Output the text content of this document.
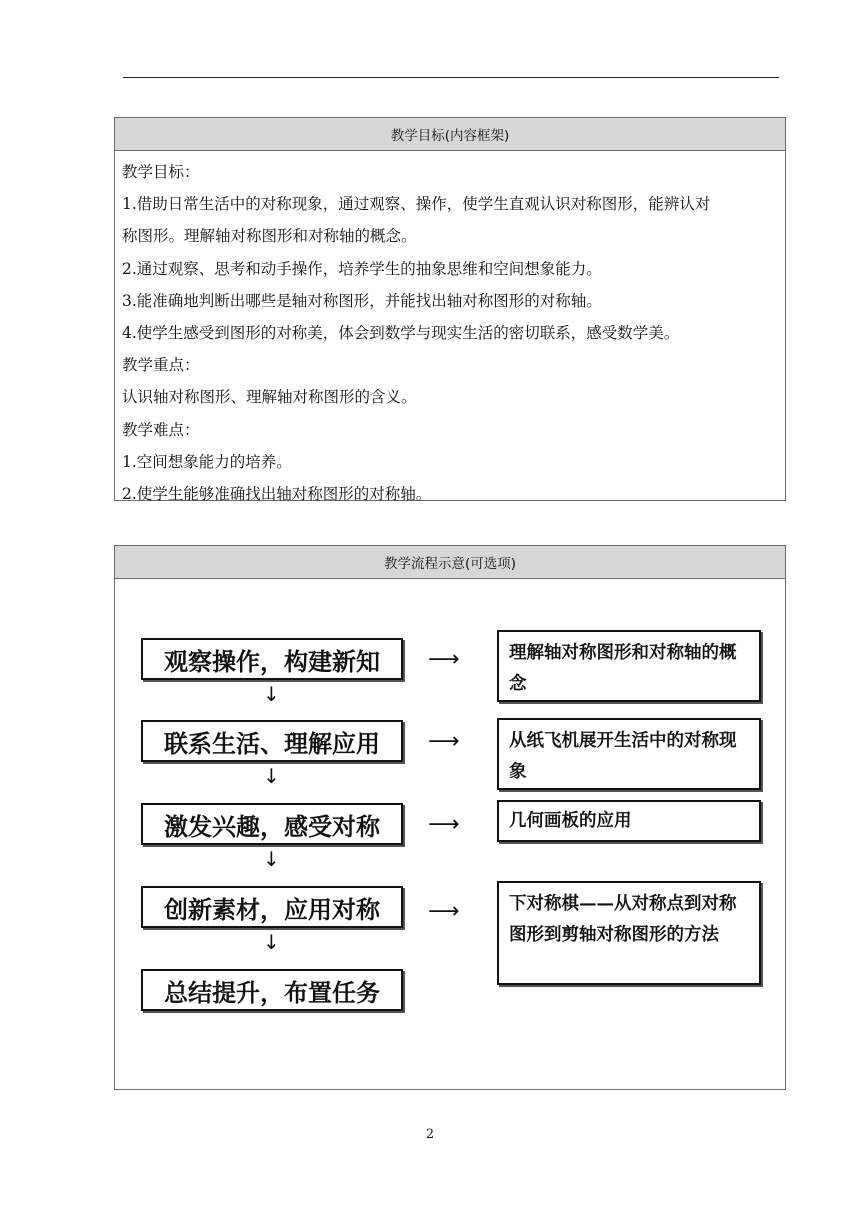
教学目标(内容框架)
教学目标：
1.借助日常生活中的对称现象，通过观察、操作，使学生直观认识对称图形，能辨认对
称图形。理解轴对称图形和对称轴的概念。
2.通过观察、思考和动手操作，培养学生的抽象思维和空间想象能力。
3.能准确地判断出哪些是轴对称图形，并能找出轴对称图形的对称轴。
4.使学生感受到图形的对称美，体会到数学与现实生活的密切联系，感受数学美。
教学重点：
认识轴对称图形、理解轴对称图形的含义。
教学难点：
1.空间想象能力的培养。
2.使学生能够准确找出轴对称图形的对称轴。
教学流程示意(可选项)
观察操作，构建新知
联系生活、理解应用
激发兴趣，感受对称
创新素材，应用对称
总结提升，布置任务
↓
↓
↓
↓
⟶
⟶
⟶
⟶
理解轴对称图形和对称轴的概念
从纸飞机展开生活中的对称现象
几何画板的应用
下对称棋——从对称点到对称图形到剪轴对称图形的方法
2
